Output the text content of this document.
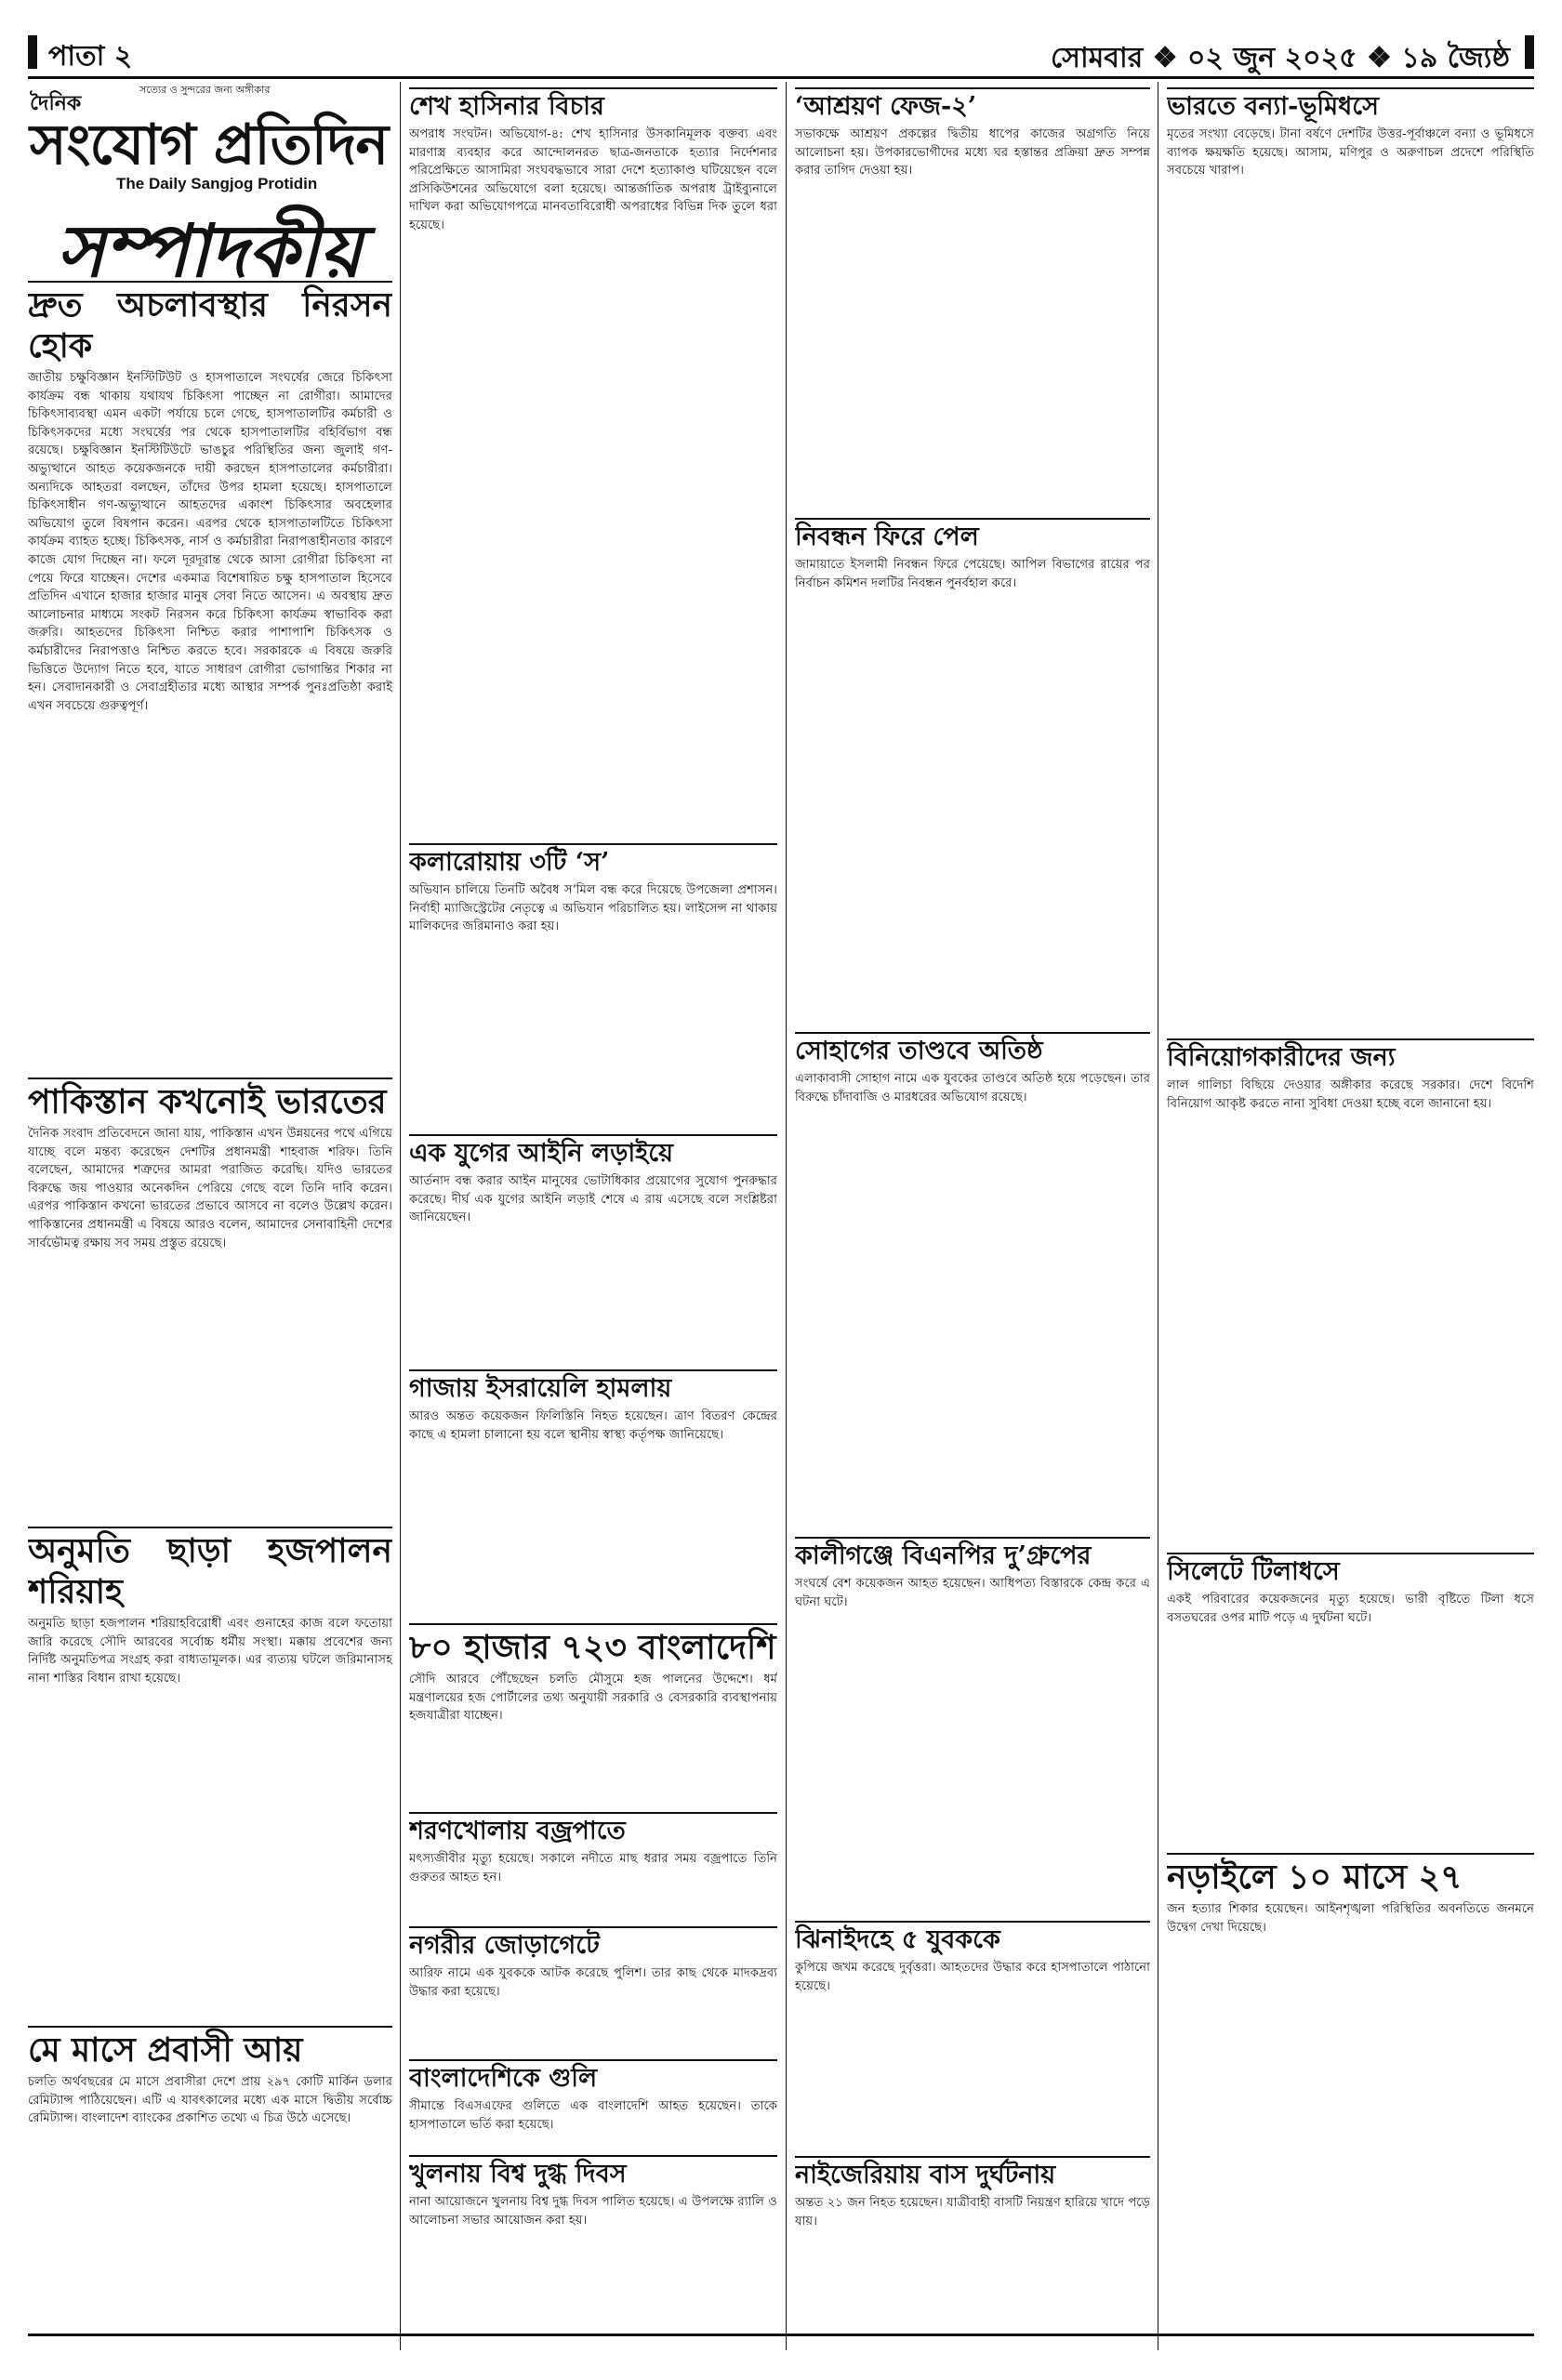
পাতা ২	সোমবার ❖ ০২ জুন ২০২৫ ❖ ১৯ জ্যৈষ্ঠ
সত্যের ও সুন্দরের জন্য অঙ্গীকার
দৈনিক
সংযোগ প্রতিদিন
The Daily Sangjog Protidin
সম্পাদকীয়
দ্রুত অচলাবস্থার নিরসন হোক

জাতীয় চক্ষুবিজ্ঞান ইনস্টিটিউট ও হাসপাতালে সংঘর্ষের জেরে চিকিৎসা কার্যক্রম বন্ধ থাকায় যথাযথ চিকিৎসা পাচ্ছেন না রোগীরা। আমাদের চিকিৎসাব্যবস্থা এমন একটা পর্যায়ে চলে গেছে, হাসপাতালটির কর্মচারী ও চিকিৎসকদের মধ্যে সংঘর্ষের পর থেকে হাসপাতালটির বহির্বিভাগ বন্ধ রয়েছে। চক্ষুবিজ্ঞান ইনস্টিটিউটে ভাঙচুর পরিস্থিতির জন্য জুলাই গণ-অভ্যুত্থানে আহত কয়েকজনকে দায়ী করছেন হাসপাতালের কর্মচারীরা। অন্যদিকে আহতরা বলছেন, তাঁদের উপর হামলা হয়েছে। হাসপাতালে চিকিৎসাধীন গণ-অভ্যুত্থানে আহতদের একাংশ চিকিৎসার অবহেলার অভিযোগ তুলে বিষপান করেন। এরপর থেকে হাসপাতালটিতে চিকিৎসা কার্যক্রম ব্যাহত হচ্ছে। চিকিৎসক, নার্স ও কর্মচারীরা নিরাপত্তাহীনতার কারণে কাজে যোগ দিচ্ছেন না। ফলে দূরদূরান্ত থেকে আসা রোগীরা চিকিৎসা না পেয়ে ফিরে যাচ্ছেন। দেশের একমাত্র বিশেষায়িত চক্ষু হাসপাতাল হিসেবে প্রতিদিন এখানে হাজার হাজার মানুষ সেবা নিতে আসেন। এ অবস্থায় দ্রুত আলোচনার মাধ্যমে সংকট নিরসন করে চিকিৎসা কার্যক্রম স্বাভাবিক করা জরুরি। আহতদের চিকিৎসা নিশ্চিত করার পাশাপাশি চিকিৎসক ও কর্মচারীদের নিরাপত্তাও নিশ্চিত করতে হবে। সরকারকে এ বিষয়ে জরুরি ভিত্তিতে উদ্যোগ নিতে হবে, যাতে সাধারণ রোগীরা ভোগান্তির শিকার না হন। সেবাদানকারী ও সেবাগ্রহীতার মধ্যে আস্থার সম্পর্ক পুনঃপ্রতিষ্ঠা করাই এখন সবচেয়ে গুরুত্বপূর্ণ।

পাকিস্তান কখনোই ভারতের

দৈনিক সংবাদ প্রতিবেদনে জানা যায়, পাকিস্তান এখন উন্নয়নের পথে এগিয়ে যাচ্ছে বলে মন্তব্য করেছেন দেশটির প্রধানমন্ত্রী শাহবাজ শরিফ। তিনি বলেছেন, আমাদের শত্রুদের আমরা পরাজিত করেছি। যদিও ভারতের বিরুদ্ধে জয় পাওয়ার অনেকদিন পেরিয়ে গেছে বলে তিনি দাবি করেন। এরপর পাকিস্তান কখনো ভারতের প্রভাবে আসবে না বলেও উল্লেখ করেন। পাকিস্তানের প্রধানমন্ত্রী এ বিষয়ে আরও বলেন, আমাদের সেনাবাহিনী দেশের সার্বভৌমত্ব রক্ষায় সব সময় প্রস্তুত রয়েছে।

অনুমতি ছাড়া হজপালন শরিয়াহ

অনুমতি ছাড়া হজপালন শরিয়াহবিরোধী এবং গুনাহের কাজ বলে ফতোয়া জারি করেছে সৌদি আরবের সর্বোচ্চ ধর্মীয় সংস্থা। মক্কায় প্রবেশের জন্য নির্দিষ্ট অনুমতিপত্র সংগ্রহ করা বাধ্যতামূলক। এর ব্যত্যয় ঘটলে জরিমানাসহ নানা শাস্তির বিধান রাখা হয়েছে।

মে মাসে প্রবাসী আয়

চলতি অর্থবছরের মে মাসে প্রবাসীরা দেশে প্রায় ২৯৭ কোটি মার্কিন ডলার রেমিট্যান্স পাঠিয়েছেন। এটি এ যাবৎকালের মধ্যে এক মাসে দ্বিতীয় সর্বোচ্চ রেমিট্যান্স। বাংলাদেশ ব্যাংকের প্রকাশিত তথ্যে এ চিত্র উঠে এসেছে।

শেখ হাসিনার বিচার

অপরাধ সংঘটন। অভিযোগ-৪: শেখ হাসিনার উসকানিমূলক বক্তব্য এবং মারণাস্ত্র ব্যবহার করে আন্দোলনরত ছাত্র-জনতাকে হত্যার নির্দেশনার পরিপ্রেক্ষিতে আসামিরা সংঘবদ্ধভাবে সারা দেশে হত্যাকাণ্ড ঘটিয়েছেন বলে প্রসিকিউশনের অভিযোগে বলা হয়েছে। আন্তর্জাতিক অপরাধ ট্রাইব্যুনালে দাখিল করা অভিযোগপত্রে মানবতাবিরোধী অপরাধের বিভিন্ন দিক তুলে ধরা হয়েছে।

কলারোয়ায় ৩টি ‘স’

অভিযান চালিয়ে তিনটি অবৈধ স’মিল বন্ধ করে দিয়েছে উপজেলা প্রশাসন। নির্বাহী ম্যাজিস্ট্রেটের নেতৃত্বে এ অভিযান পরিচালিত হয়। লাইসেন্স না থাকায় মালিকদের জরিমানাও করা হয়।

এক যুগের আইনি লড়াইয়ে

আর্তনাদ বন্ধ করার আইন মানুষের ভোটাধিকার প্রয়োগের সুযোগ পুনরুদ্ধার করেছে। দীর্ঘ এক যুগের আইনি লড়াই শেষে এ রায় এসেছে বলে সংশ্লিষ্টরা জানিয়েছেন।

গাজায় ইসরায়েলি হামলায়

আরও অন্তত কয়েকজন ফিলিস্তিনি নিহত হয়েছেন। ত্রাণ বিতরণ কেন্দ্রের কাছে এ হামলা চালানো হয় বলে স্থানীয় স্বাস্থ্য কর্তৃপক্ষ জানিয়েছে।

৮০ হাজার ৭২৩ বাংলাদেশি

সৌদি আরবে পৌঁছেছেন চলতি মৌসুমে হজ পালনের উদ্দেশে। ধর্ম মন্ত্রণালয়ের হজ পোর্টালের তথ্য অনুযায়ী সরকারি ও বেসরকারি ব্যবস্থাপনায় হজযাত্রীরা যাচ্ছেন।

শরণখোলায় বজ্রপাতে

মৎস্যজীবীর মৃত্যু হয়েছে। সকালে নদীতে মাছ ধরার সময় বজ্রপাতে তিনি গুরুতর আহত হন।

নগরীর জোড়াগেটে

আরিফ নামে এক যুবককে আটক করেছে পুলিশ। তার কাছ থেকে মাদকদ্রব্য উদ্ধার করা হয়েছে।

বাংলাদেশিকে গুলি

সীমান্তে বিএসএফের গুলিতে এক বাংলাদেশি আহত হয়েছেন। তাকে হাসপাতালে ভর্তি করা হয়েছে।

খুলনায় বিশ্ব দুগ্ধ দিবস

নানা আয়োজনে খুলনায় বিশ্ব দুগ্ধ দিবস পালিত হয়েছে। এ উপলক্ষে র‍্যালি ও আলোচনা সভার আয়োজন করা হয়।

‘আশ্রয়ণ ফেজ-২’

সভাকক্ষে আশ্রয়ণ প্রকল্পের দ্বিতীয় ধাপের কাজের অগ্রগতি নিয়ে আলোচনা হয়। উপকারভোগীদের মধ্যে ঘর হস্তান্তর প্রক্রিয়া দ্রুত সম্পন্ন করার তাগিদ দেওয়া হয়।

নিবন্ধন ফিরে পেল

জামায়াতে ইসলামী নিবন্ধন ফিরে পেয়েছে। আপিল বিভাগের রায়ের পর নির্বাচন কমিশন দলটির নিবন্ধন পুনর্বহাল করে।

সোহাগের তাণ্ডবে অতিষ্ঠ

এলাকাবাসী সোহাগ নামে এক যুবকের তাণ্ডবে অতিষ্ঠ হয়ে পড়েছেন। তার বিরুদ্ধে চাঁদাবাজি ও মারধরের অভিযোগ রয়েছে।

কালীগঞ্জে বিএনপির দু’গ্রুপের

সংঘর্ষে বেশ কয়েকজন আহত হয়েছেন। আধিপত্য বিস্তারকে কেন্দ্র করে এ ঘটনা ঘটে।

ঝিনাইদহে ৫ যুবককে

কুপিয়ে জখম করেছে দুর্বৃত্তরা। আহতদের উদ্ধার করে হাসপাতালে পাঠানো হয়েছে।

নাইজেরিয়ায় বাস দুর্ঘটনায়

অন্তত ২১ জন নিহত হয়েছেন। যাত্রীবাহী বাসটি নিয়ন্ত্রণ হারিয়ে খাদে পড়ে যায়।

ভারতে বন্যা-ভূমিধসে

মৃতের সংখ্যা বেড়েছে। টানা বর্ষণে দেশটির উত্তর-পূর্বাঞ্চলে বন্যা ও ভূমিধসে ব্যাপক ক্ষয়ক্ষতি হয়েছে। আসাম, মণিপুর ও অরুণাচল প্রদেশে পরিস্থিতি সবচেয়ে খারাপ।

বিনিয়োগকারীদের জন্য

লাল গালিচা বিছিয়ে দেওয়ার অঙ্গীকার করেছে সরকার। দেশে বিদেশি বিনিয়োগ আকৃষ্ট করতে নানা সুবিধা দেওয়া হচ্ছে বলে জানানো হয়।

সিলেটে টিলাধসে

একই পরিবারের কয়েকজনের মৃত্যু হয়েছে। ভারী বৃষ্টিতে টিলা ধসে বসতঘরের ওপর মাটি পড়ে এ দুর্ঘটনা ঘটে।

নড়াইলে ১০ মাসে ২৭

জন হত্যার শিকার হয়েছেন। আইনশৃঙ্খলা পরিস্থিতির অবনতিতে জনমনে উদ্বেগ দেখা দিয়েছে।
